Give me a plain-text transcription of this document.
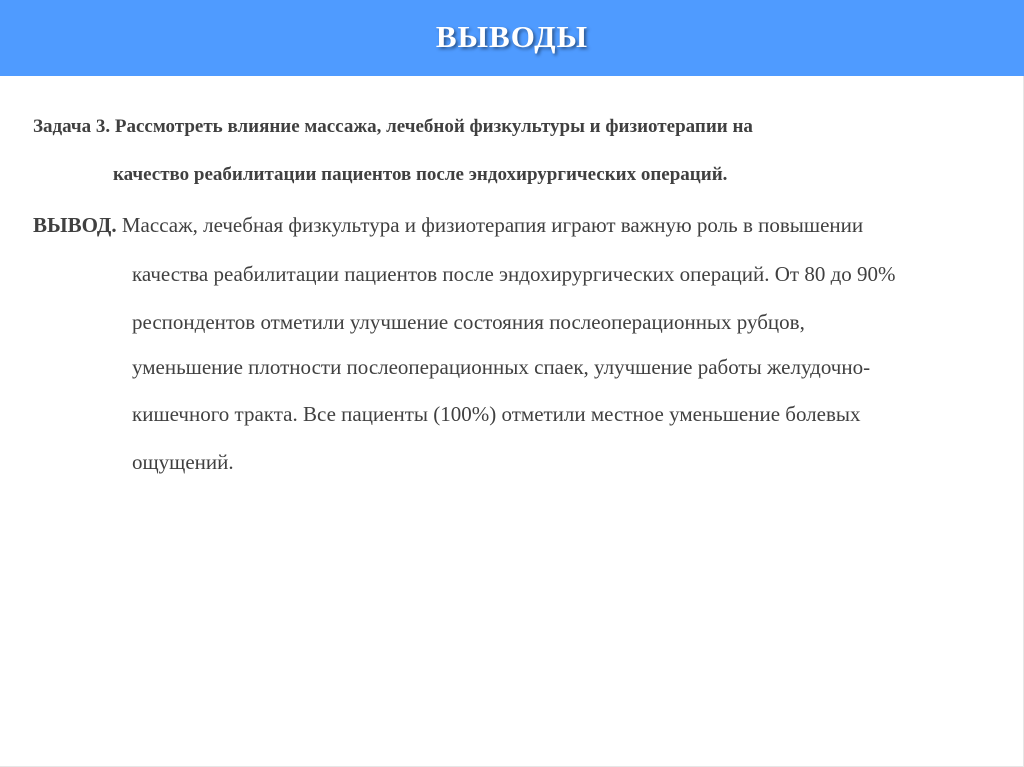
ВЫВОДЫ
Задача 3. Рассмотреть влияние массажа, лечебной физкультуры и физиотерапии на
качество реабилитации пациентов после эндохирургических операций.
ВЫВОД. Массаж, лечебная физкультура и физиотерапия играют важную роль в повышении
качества реабилитации пациентов после эндохирургических операций. От 80 до 90%
респондентов отметили улучшение состояния послеоперационных рубцов,
уменьшение плотности послеоперационных спаек, улучшение работы желудочно-
кишечного тракта. Все пациенты (100%) отметили местное уменьшение болевых
ощущений.
